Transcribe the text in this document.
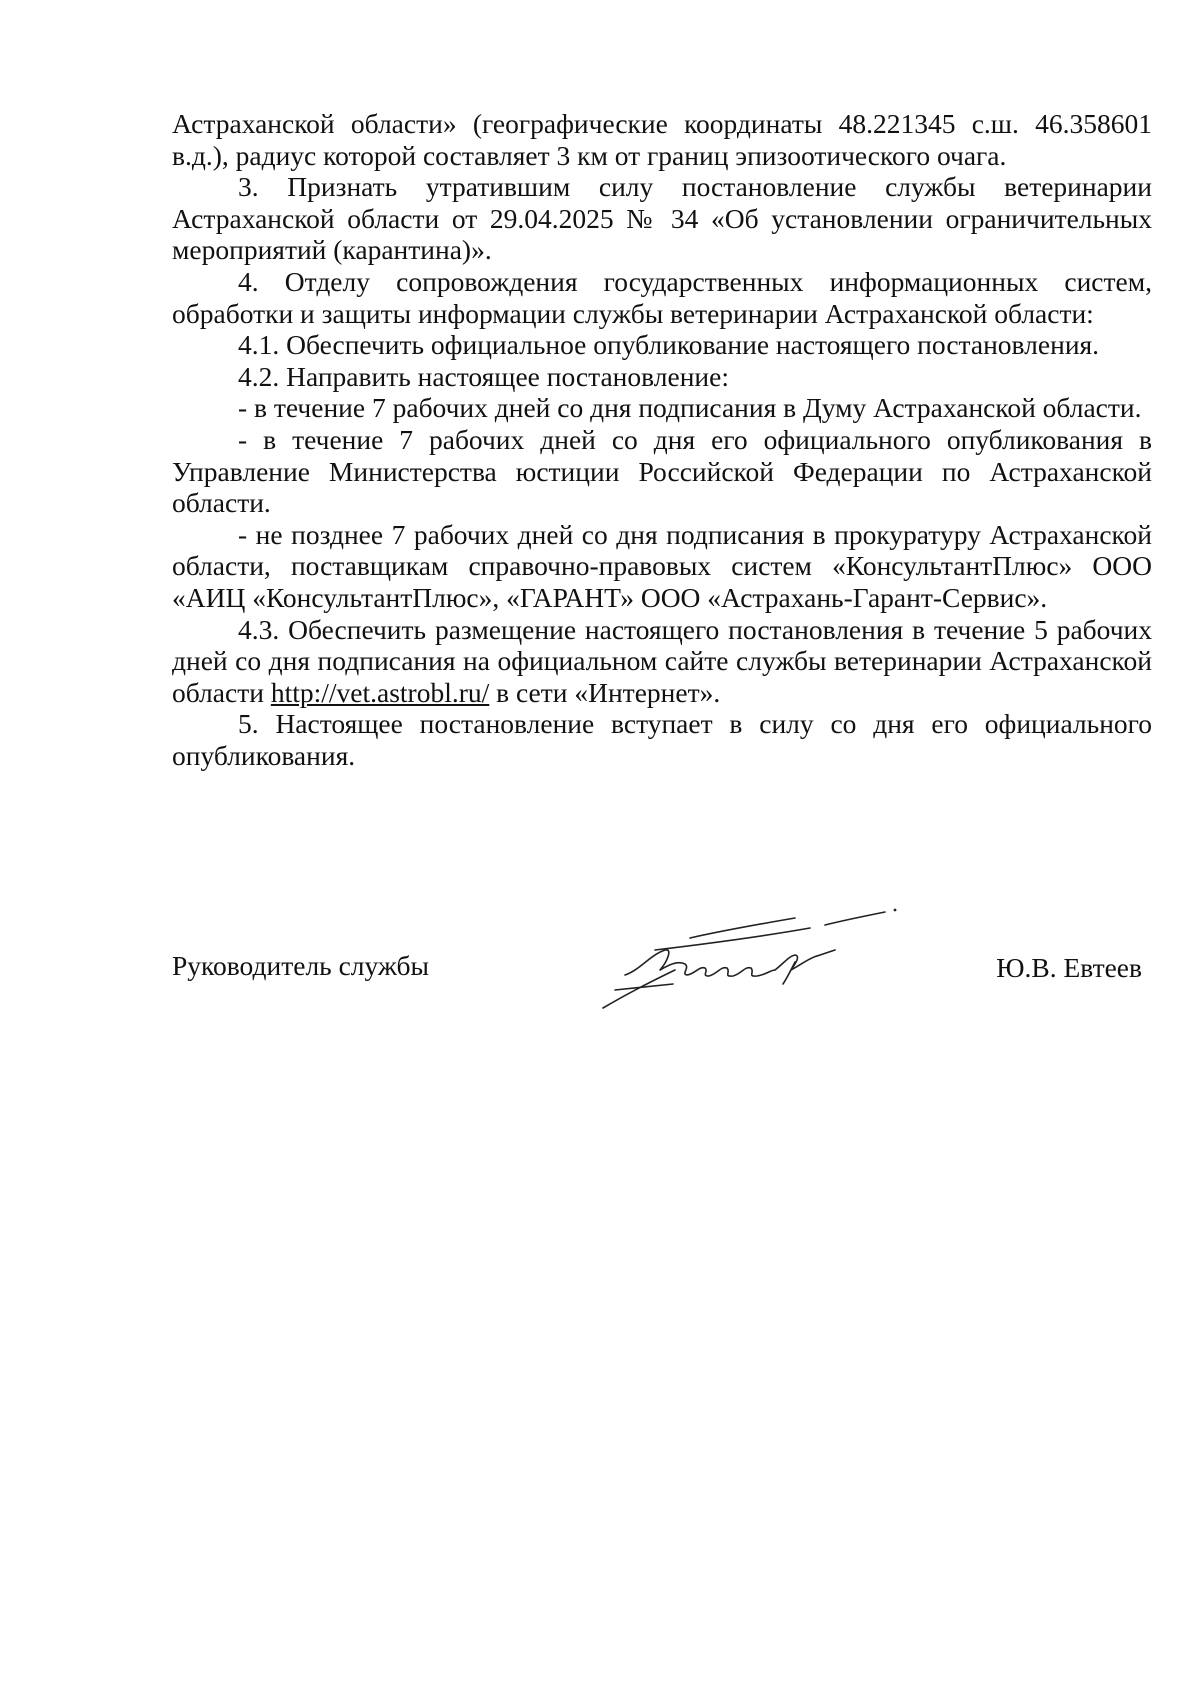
Астраханской области» (географические координаты 48.221345 с.ш. 46.358601 в.д.), радиус которой составляет 3 км от границ эпизоотического очага.

3. Признать утратившим силу постановление службы ветеринарии Астраханской области от 29.04.2025 № 34 «Об установлении ограничительных мероприятий (карантина)».

4. Отделу сопровождения государственных информационных систем, обработки и защиты информации службы ветеринарии Астраханской области:

4.1. Обеспечить официальное опубликование настоящего постановления.

4.2. Направить настоящее постановление:

- в течение 7 рабочих дней со дня подписания в Думу Астраханской области.

- в течение 7 рабочих дней со дня его официального опубликования в Управление Министерства юстиции Российской Федерации по Астраханской области.

- не позднее 7 рабочих дней со дня подписания в прокуратуру Астраханской области, поставщикам справочно-правовых систем «КонсультантПлюс» ООО «АИЦ «КонсультантПлюс», «ГАРАНТ» ООО «Астрахань-Гарант-Сервис».

4.3. Обеспечить размещение настоящего постановления в течение 5 рабочих дней со дня подписания на официальном сайте службы ветеринарии Астраханской области http://vet.astrobl.ru/ в сети «Интернет».

5. Настоящее постановление вступает в силу со дня его официального опубликования.

Руководитель службы	Ю.В. Евтеев
